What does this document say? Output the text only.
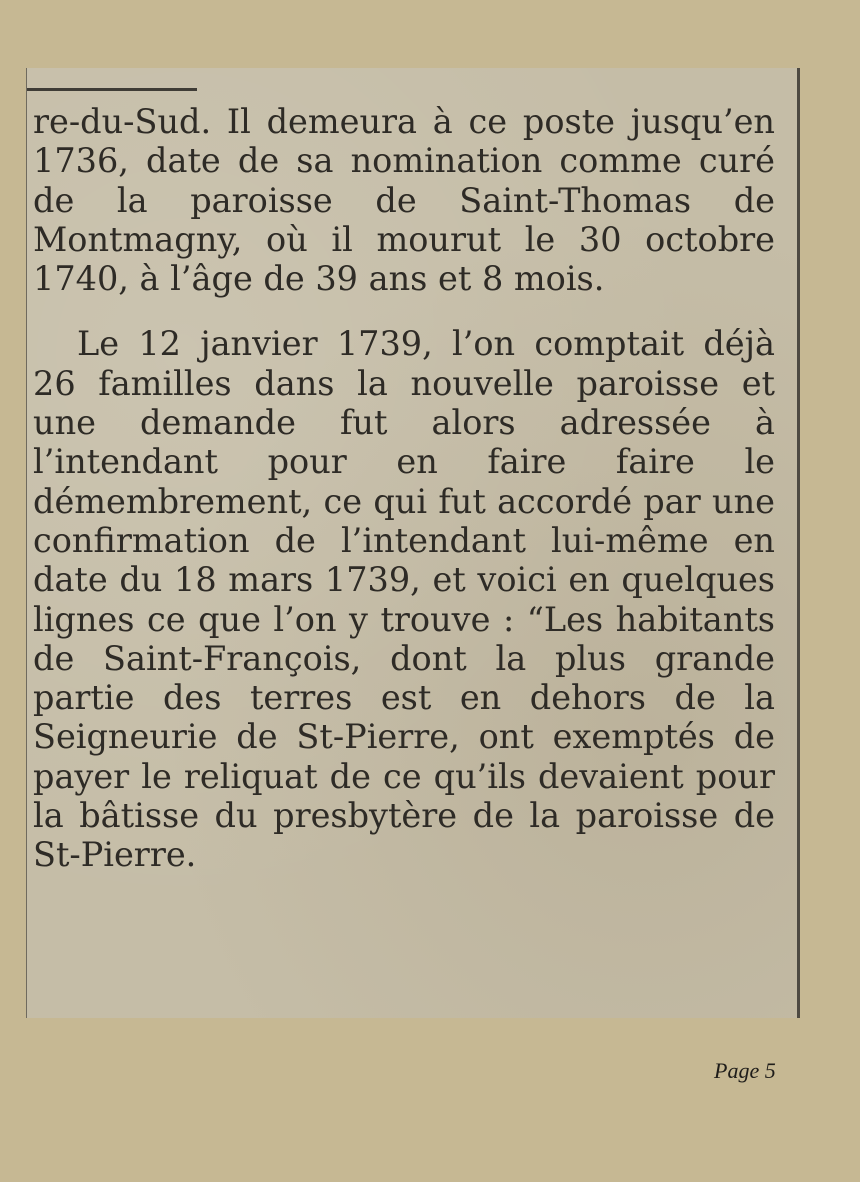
re-du-Sud. Il demeura à ce poste jusqu’en 1736, date de sa nomination comme curé de la paroisse de Saint-Thomas de Montmagny, où il mourut le 30 octobre 1740, à l’âge de 39 ans et 8 mois.

Le 12 janvier 1739, l’on comptait déjà 26 familles dans la nouvelle paroisse et une demande fut alors adressée à l’intendant pour en faire faire le démembrement, ce qui fut accordé par une confirmation de l’intendant lui-même en date du 18 mars 1739, et voici en quelques lignes ce que l’on y trouve : “Les habitants de Saint-François, dont la plus grande partie des terres est en dehors de la Seigneurie de St-Pierre, ont exemptés de payer le reliquat de ce qu’ils devaient pour la bâtisse du presbytère de la paroisse de St-Pierre.

Page 5
